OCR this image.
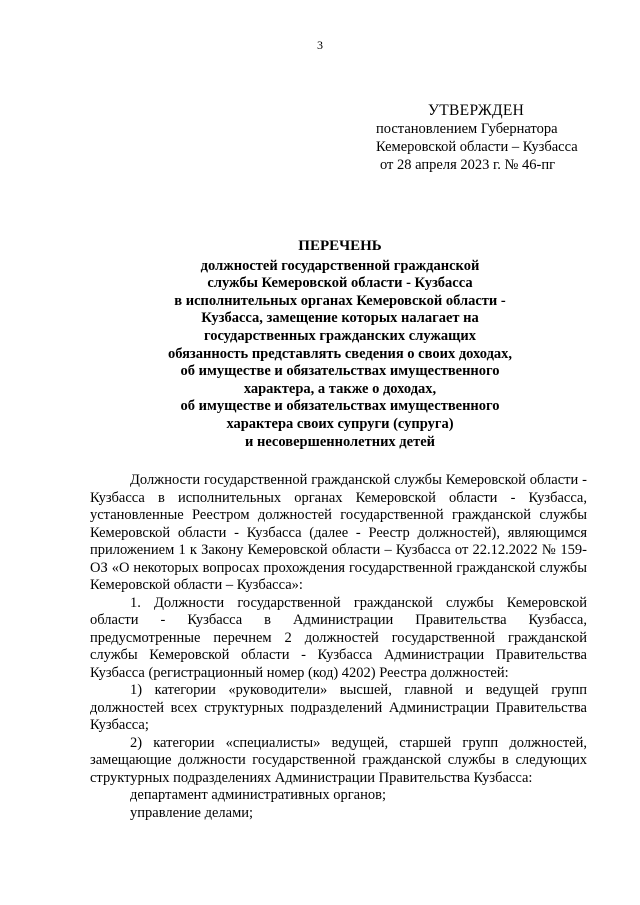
3
УТВЕРЖДЕН
постановлением Губернатора
Кемеровской области – Кузбасса
от 28 апреля 2023 г. № 46-пг
ПЕРЕЧЕНЬ
должностей государственной гражданской
службы Кемеровской области - Кузбасса
в исполнительных органах Кемеровской области -
Кузбасса, замещение которых налагает на
государственных гражданских служащих
обязанность представлять сведения о своих доходах,
об имуществе и обязательствах имущественного
характера, а также о доходах,
об имуществе и обязательствах имущественного
характера своих супруги (супруга)
и несовершеннолетних детей

Должности государственной гражданской службы Кемеровской области - Кузбасса в исполнительных органах Кемеровской области - Кузбасса, установленные Реестром должностей государственной гражданской службы Кемеровской области - Кузбасса (далее - Реестр должностей), являющимся приложением 1 к Закону Кемеровской области – Кузбасса от 22.12.2022 № 159-ОЗ «О некоторых вопросах прохождения государственной гражданской службы Кемеровской области – Кузбасса»:

1. Должности государственной гражданской службы Кемеровской области - Кузбасса в Администрации Правительства Кузбасса, предусмотренные перечнем 2 должностей государственной гражданской службы Кемеровской области - Кузбасса Администрации Правительства Кузбасса (регистрационный номер (код) 4202) Реестра должностей:

1) категории «руководители» высшей, главной и ведущей групп должностей всех структурных подразделений Администрации Правительства Кузбасса;

2) категории «специалисты» ведущей, старшей групп должностей, замещающие должности государственной гражданской службы в следующих структурных подразделениях Администрации Правительства Кузбасса:

департамент административных органов;

управление делами;
